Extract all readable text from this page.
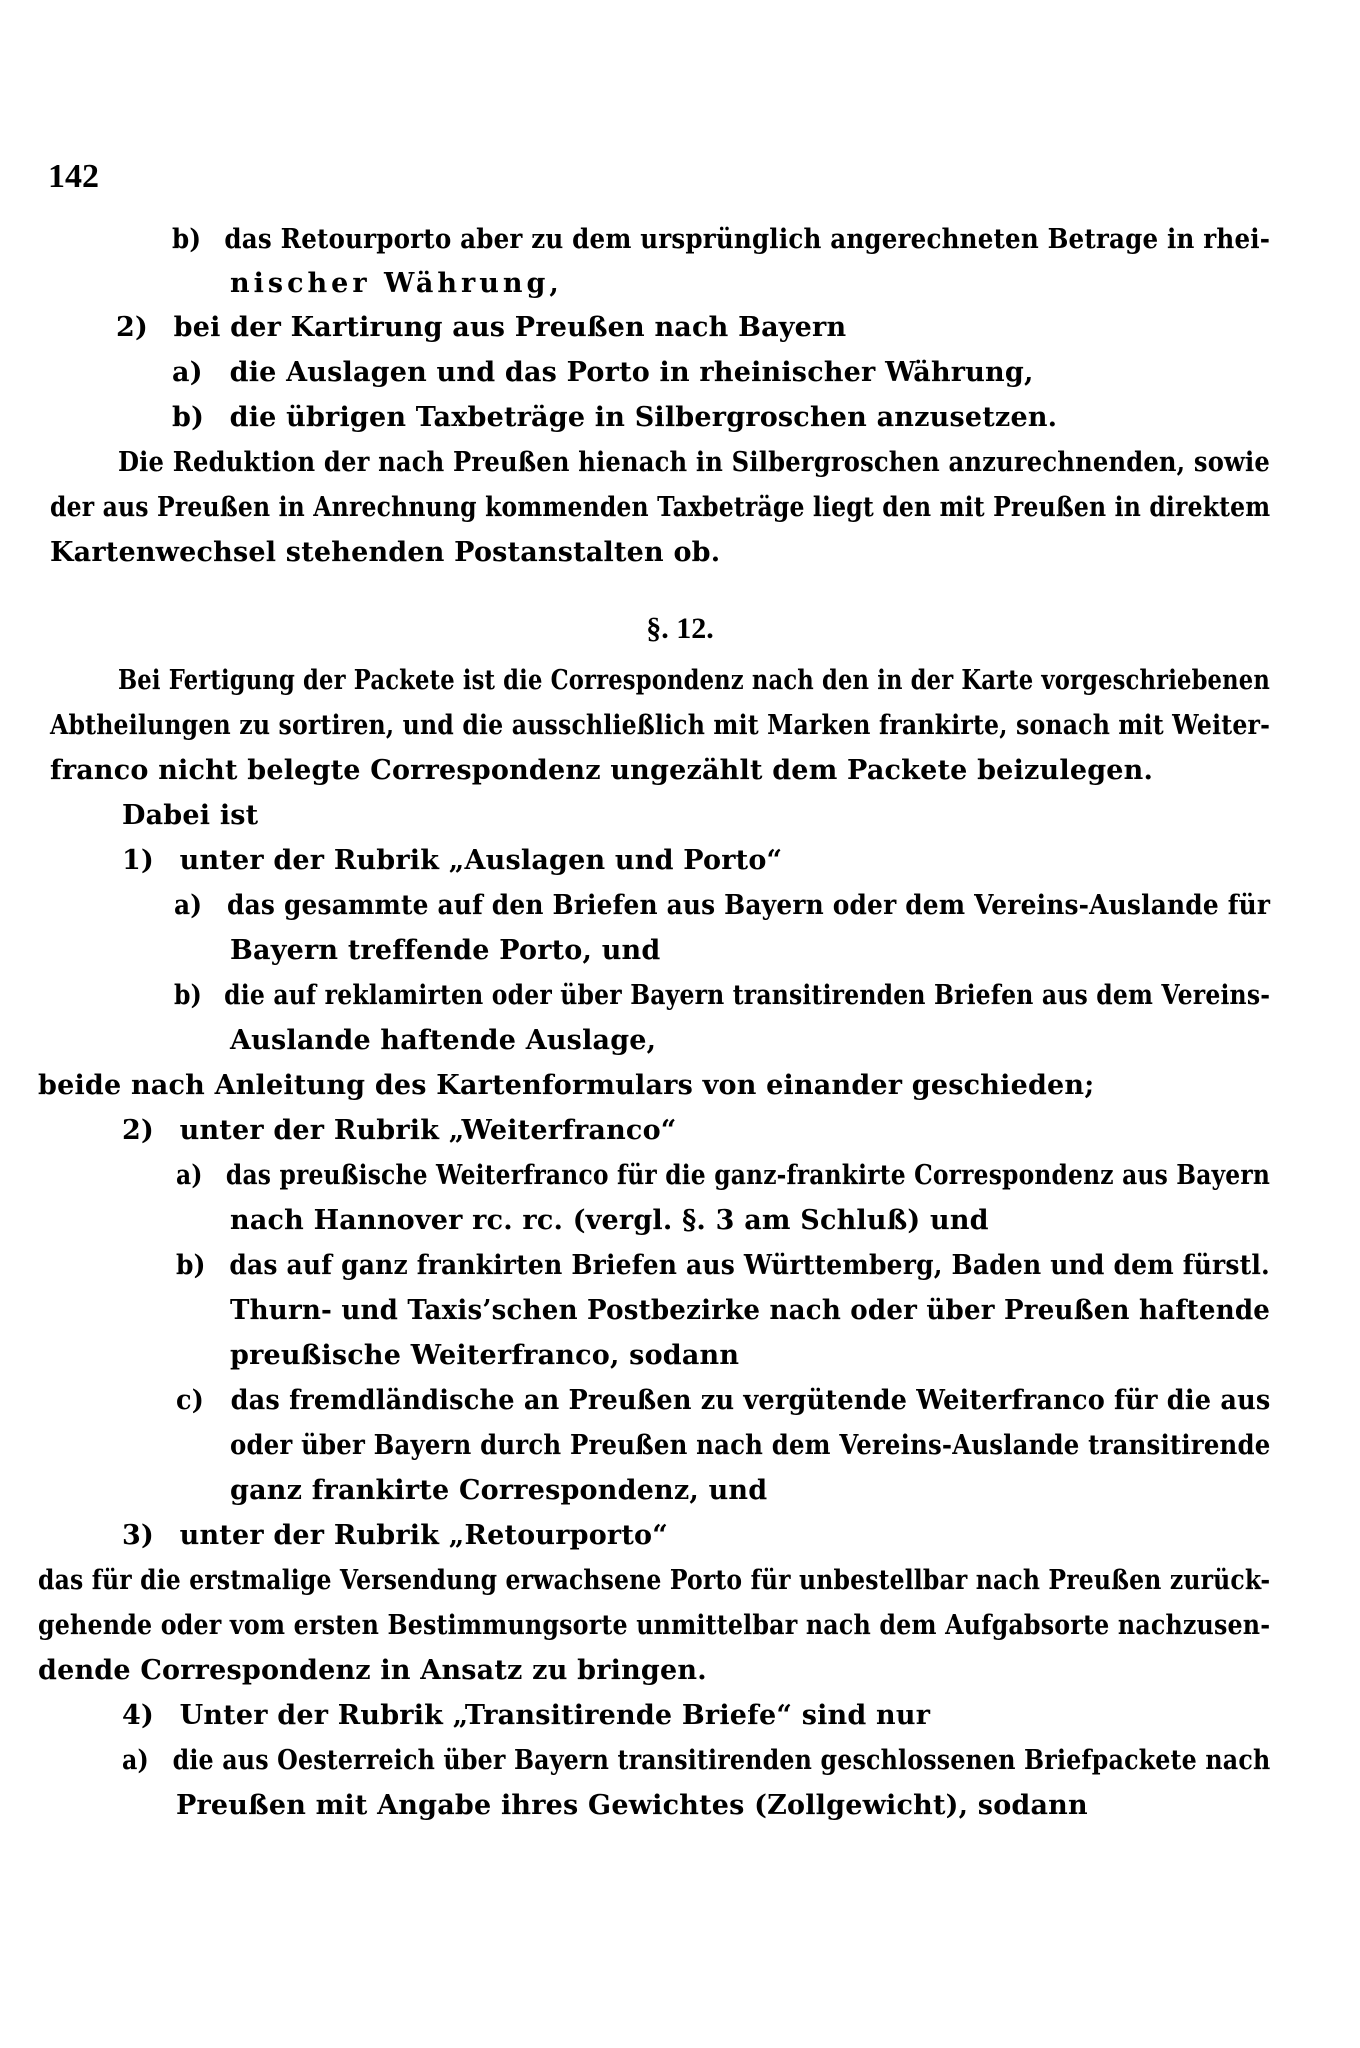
142
b) das Retourporto aber zu dem ursprünglich angerechneten Betrage in rhei-
nischer Währung,
2) bei der Kartirung aus Preußen nach Bayern
a) die Auslagen und das Porto in rheinischer Währung,
b) die übrigen Taxbeträge in Silbergroschen anzusetzen.
Die Reduktion der nach Preußen hienach in Silbergroschen anzurechnenden, sowie
der aus Preußen in Anrechnung kommenden Taxbeträge liegt den mit Preußen in direktem
Kartenwechsel stehenden Postanstalten ob.
§. 12.
Bei Fertigung der Packete ist die Correspondenz nach den in der Karte vorgeschriebenen
Abtheilungen zu sortiren, und die ausschließlich mit Marken frankirte, sonach mit Weiter-
franco nicht belegte Correspondenz ungezählt dem Packete beizulegen.
Dabei ist
1) unter der Rubrik „Auslagen und Porto“
a) das gesammte auf den Briefen aus Bayern oder dem Vereins-Auslande für
Bayern treffende Porto, und
b) die auf reklamirten oder über Bayern transitirenden Briefen aus dem Vereins-
Auslande haftende Auslage,
beide nach Anleitung des Kartenformulars von einander geschieden;
2) unter der Rubrik „Weiterfranco“
a) das preußische Weiterfranco für die ganz-frankirte Correspondenz aus Bayern
nach Hannover rc. rc. (vergl. §. 3 am Schluß) und
b) das auf ganz frankirten Briefen aus Württemberg, Baden und dem fürstl.
Thurn- und Taxis’schen Postbezirke nach oder über Preußen haftende
preußische Weiterfranco, sodann
c) das fremdländische an Preußen zu vergütende Weiterfranco für die aus
oder über Bayern durch Preußen nach dem Vereins-Auslande transitirende
ganz frankirte Correspondenz, und
3) unter der Rubrik „Retourporto“
das für die erstmalige Versendung erwachsene Porto für unbestellbar nach Preußen zurück-
gehende oder vom ersten Bestimmungsorte unmittelbar nach dem Aufgabsorte nachzusen-
dende Correspondenz in Ansatz zu bringen.
4) Unter der Rubrik „Transitirende Briefe“ sind nur
a) die aus Oesterreich über Bayern transitirenden geschlossenen Briefpackete nach
Preußen mit Angabe ihres Gewichtes (Zollgewicht), sodann
